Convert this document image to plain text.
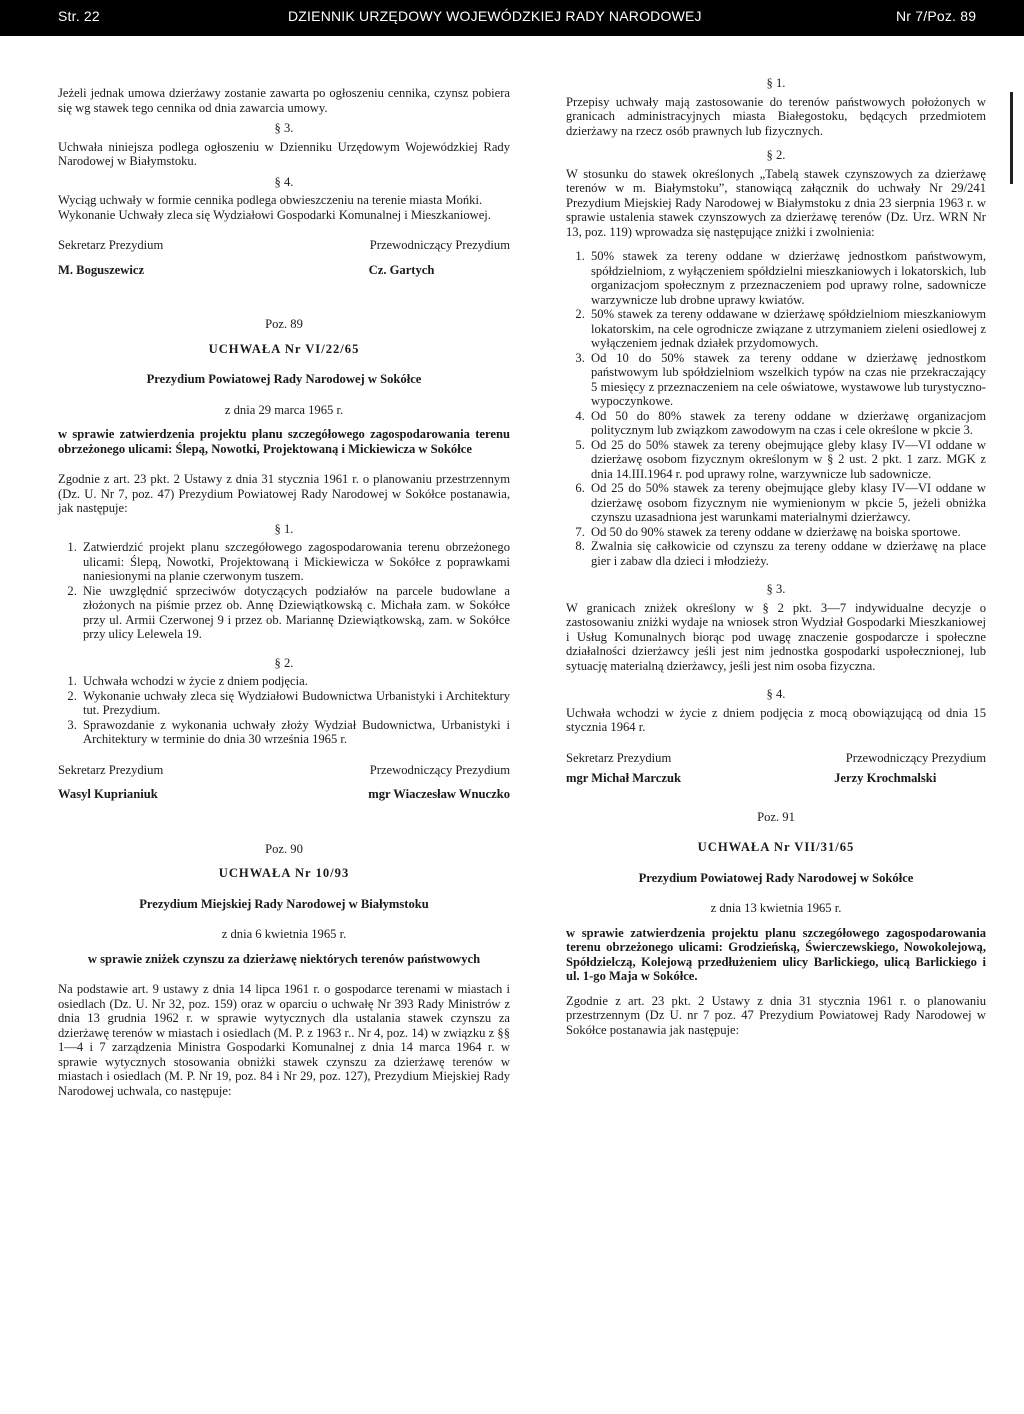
Str. 22	DZIENNIK URZĘDOWY WOJEWÓDZKIEJ RADY NARODOWEJ	Nr 7/Poz. 89

Jeżeli jednak umowa dzierżawy zostanie zawarta po ogłoszeniu cennika, czynsz pobiera się wg stawek tego cennika od dnia zawarcia umowy.

§ 3.

Uchwała niniejsza podlega ogłoszeniu w Dzienniku Urzędowym Wojewódzkiej Rady Narodowej w Białymstoku.

§ 4.

Wyciąg uchwały w formie cennika podlega obwieszczeniu na terenie miasta Mońki.

Wykonanie Uchwały zleca się Wydziałowi Gospodarki Komunalnej i Mieszkaniowej.

Sekretarz Prezydium

M. Boguszewicz

Przewodniczący Prezydium

Cz. Gartych

Poz. 89

UCHWAŁA Nr VI/22/65

Prezydium Powiatowej Rady Narodowej w Sokółce

z dnia 29 marca 1965 r.

w sprawie zatwierdzenia projektu planu szczegółowego zagospodarowania terenu obrzeżonego ulicami: Ślepą, Nowotki, Projektowaną i Mickiewicza w Sokółce

Zgodnie z art. 23 pkt. 2 Ustawy z dnia 31 stycznia 1961 r. o planowaniu przestrzennym (Dz. U. Nr 7, poz. 47) Prezydium Powiatowej Rady Narodowej w Sokółce postanawia, jak następuje:

§ 1.

1. Zatwierdzić projekt planu szczegółowego zagospodarowania terenu obrzeżonego ulicami: Ślepą, Nowotki, Projektowaną i Mickiewicza w Sokółce z poprawkami naniesionymi na planie czerwonym tuszem.
2. Nie uwzględnić sprzeciwów dotyczących podziałów na parcele budowlane a złożonych na piśmie przez ob. Annę Dziewiątkowską c. Michała zam. w Sokółce przy ul. Armii Czerwonej 9 i przez ob. Mariannę Dziewiątkowską, zam. w Sokółce przy ulicy Lelewela 19.

§ 2.

1. Uchwała wchodzi w życie z dniem podjęcia.
2. Wykonanie uchwały zleca się Wydziałowi Budownictwa Urbanistyki i Architektury tut. Prezydium.
3. Sprawozdanie z wykonania uchwały złoży Wydział Budownictwa, Urbanistyki i Architektury w terminie do dnia 30 września 1965 r.

Sekretarz Prezydium

Wasyl Kuprianiuk

Przewodniczący Prezydium

mgr Wiaczesław Wnuczko

Poz. 90

UCHWAŁA Nr 10/93

Prezydium Miejskiej Rady Narodowej w Białymstoku

z dnia 6 kwietnia 1965 r.

w sprawie zniżek czynszu za dzierżawę niektórych terenów państwowych

Na podstawie art. 9 ustawy z dnia 14 lipca 1961 r. o gospodarce terenami w miastach i osiedlach (Dz. U. Nr 32, poz. 159) oraz w oparciu o uchwałę Nr 393 Rady Ministrów z dnia 13 grudnia 1962 r. w sprawie wytycznych dla ustalania stawek czynszu za dzierżawę terenów w miastach i osiedlach (M. P. z 1963 r.. Nr 4, poz. 14) w związku z §§ 1—4 i 7 zarządzenia Ministra Gospodarki Komunalnej z dnia 14 marca 1964 r. w sprawie wytycznych stosowania obniżki stawek czynszu za dzierżawę terenów w miastach i osiedlach (M. P. Nr 19, poz. 84 i Nr 29, poz. 127), Prezydium Miejskiej Rady Narodowej uchwala, co następuje:

§ 1.

Przepisy uchwały mają zastosowanie do terenów państwowych położonych w granicach administracyjnych miasta Białegostoku, będących przedmiotem dzierżawy na rzecz osób prawnych lub fizycznych.

§ 2.

W stosunku do stawek określonych „Tabelą stawek czynszowych za dzierżawę terenów w m. Białymstoku”, stanowiącą załącznik do uchwały Nr 29/241 Prezydium Miejskiej Rady Narodowej w Białymstoku z dnia 23 sierpnia 1963 r. w sprawie ustalenia stawek czynszowych za dzierżawę terenów (Dz. Urz. WRN Nr 13, poz. 119) wprowadza się następujące zniżki i zwolnienia:

1. 50% stawek za tereny oddane w dzierżawę jednostkom państwowym, spółdzielniom, z wyłączeniem spółdzielni mieszkaniowych i lokatorskich, lub organizacjom społecznym z przeznaczeniem pod uprawy rolne, sadownicze warzywnicze lub drobne uprawy kwiatów.
2. 50% stawek za tereny oddawane w dzierżawę spółdzielniom mieszkaniowym lokatorskim, na cele ogrodnicze związane z utrzymaniem zieleni osiedlowej z wyłączeniem jednak działek przydomowych.
3. Od 10 do 50% stawek za tereny oddane w dzierżawę jednostkom państwowym lub spółdzielniom wszelkich typów na czas nie przekraczający 5 miesięcy z przeznaczeniem na cele oświatowe, wystawowe lub turystyczno-wypoczynkowe.
4. Od 50 do 80% stawek za tereny oddane w dzierżawę organizacjom politycznym lub związkom zawodowym na czas i cele określone w pkcie 3.
5. Od 25 do 50% stawek za tereny obejmujące gleby klasy IV—VI oddane w dzierżawę osobom fizycznym określonym w § 2 ust. 2 pkt. 1 zarz. MGK z dnia 14.III.1964 r. pod uprawy rolne, warzywnicze lub sadownicze.
6. Od 25 do 50% stawek za tereny obejmujące gleby klasy IV—VI oddane w dzierżawę osobom fizycznym nie wymienionym w pkcie 5, jeżeli obniżka czynszu uzasadniona jest warunkami materialnymi dzierżawcy.
7. Od 50 do 90% stawek za tereny oddane w dzierżawę na boiska sportowe.
8. Zwalnia się całkowicie od czynszu za tereny oddane w dzierżawę na place gier i zabaw dla dzieci i młodzieży.

§ 3.

W granicach zniżek określony w § 2 pkt. 3—7 indywidualne decyzje o zastosowaniu zniżki wydaje na wniosek stron Wydział Gospodarki Mieszkaniowej i Usług Komunalnych biorąc pod uwagę znaczenie gospodarcze i społeczne działalności dzierżawcy jeśli jest nim jednostka gospodarki uspołecznionej, lub sytuację materialną dzierżawcy, jeśli jest nim osoba fizyczna.

§ 4.

Uchwała wchodzi w życie z dniem podjęcia z mocą obowiązującą od dnia 15 stycznia 1964 r.

Sekretarz Prezydium

mgr Michał Marczuk

Przewodniczący Prezydium

Jerzy Krochmalski

Poz. 91

UCHWAŁA Nr VII/31/65

Prezydium Powiatowej Rady Narodowej w Sokółce

z dnia 13 kwietnia 1965 r.

w sprawie zatwierdzenia projektu planu szczegółowego zagospodarowania terenu obrzeżonego ulicami: Grodzieńską, Świerczewskiego, Nowokolejową, Spółdzielczą, Kolejową przedłużeniem ulicy Barlickiego, ulicą Barlickiego i ul. 1-go Maja w Sokółce.

Zgodnie z art. 23 pkt. 2 Ustawy z dnia 31 stycznia 1961 r. o planowaniu przestrzennym (Dz U. nr 7 poz. 47 Prezydium Powiatowej Rady Narodowej w Sokółce postanawia jak następuje:
